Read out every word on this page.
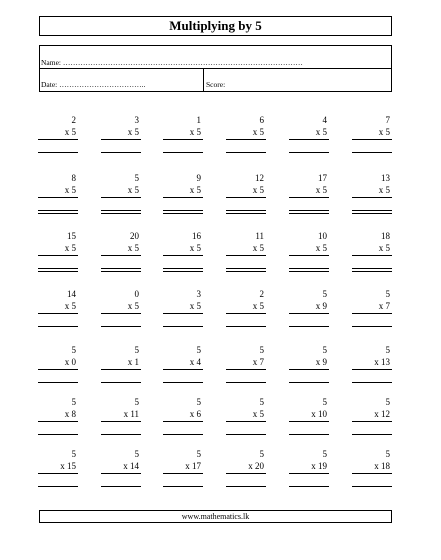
Multiplying by 5
Name: ……………………………………………………………………………………
Date: ……………………………..	Score:
2
x 5
3
x 5
1
x 5
6
x 5
4
x 5
7
x 5
8
x 5
5
x 5
9
x 5
12
x 5
17
x 5
13
x 5
15
x 5
20
x 5
16
x 5
11
x 5
10
x 5
18
x 5
14
x 5
0
x 5
3
x 5
2
x 5
5
x 9
5
x 7
5
x 0
5
x 1
5
x 4
5
x 7
5
x 9
5
x 13
5
x 8
5
x 11
5
x 6
5
x 5
5
x 10
5
x 12
5
x 15
5
x 14
5
x 17
5
x 20
5
x 19
5
x 18
www.mathematics.lk
